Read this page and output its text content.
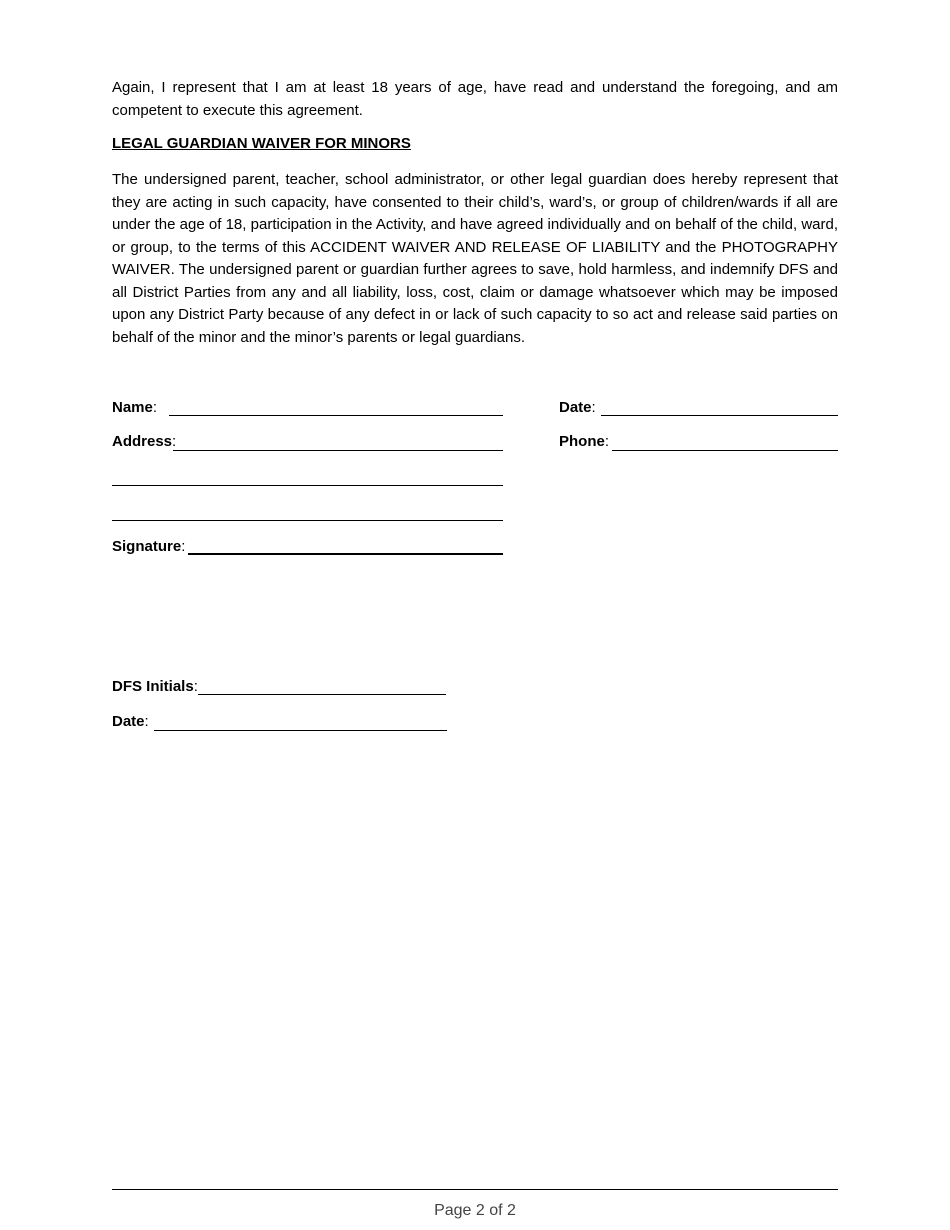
Again, I represent that I am at least 18 years of age, have read and understand the foregoing, and am competent to execute this agreement.

LEGAL GUARDIAN WAIVER FOR MINORS

The undersigned parent, teacher, school administrator, or other legal guardian does hereby represent that they are acting in such capacity, have consented to their child’s, ward’s, or group of children/wards if all are under the age of 18, participation in the Activity, and have agreed individually and on behalf of the child, ward, or group, to the terms of this ACCIDENT WAIVER AND RELEASE OF LIABILITY and the PHOTOGRAPHY WAIVER. The undersigned parent or guardian further agrees to save, hold harmless, and indemnify DFS and all District Parties from any and all liability, loss, cost, claim or damage whatsoever which may be imposed upon any District Party because of any defect in or lack of such capacity to so act and release said parties on behalf of the minor and the minor’s parents or legal guardians.

Name:	Date:
Address:	Phone:
Signature:
DFS Initials:
Date:
Page 2 of 2
